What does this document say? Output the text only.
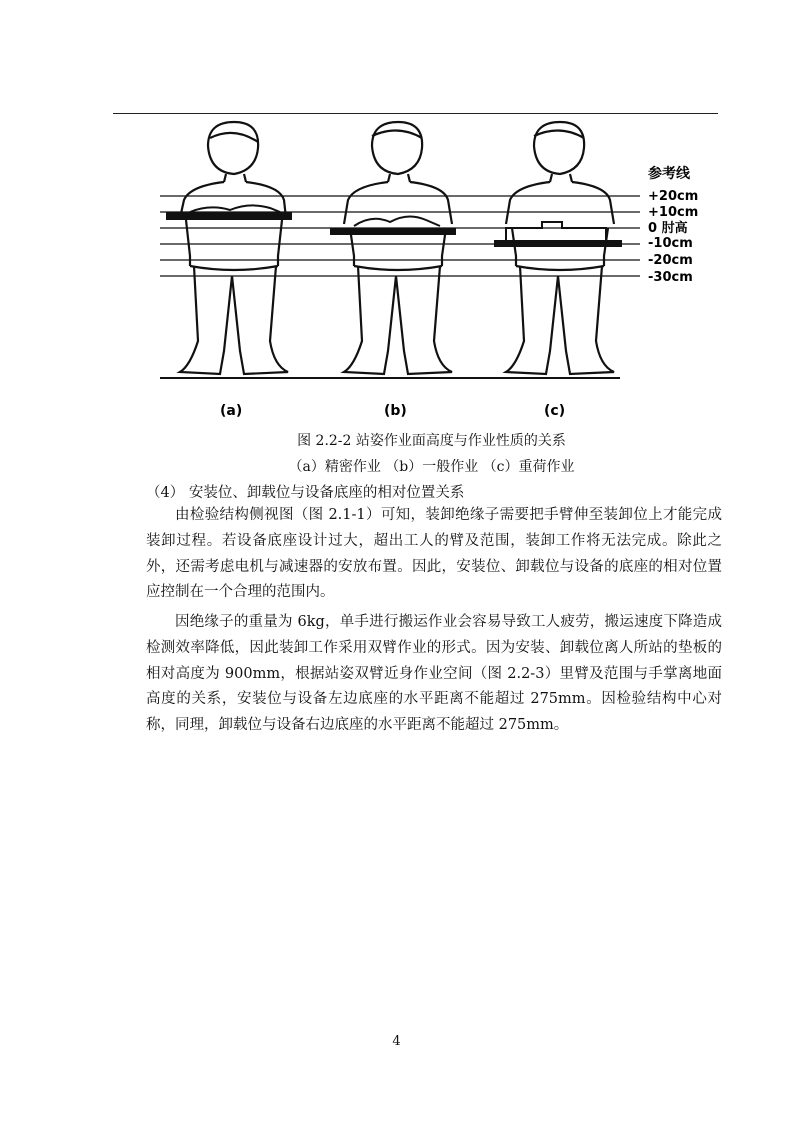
参考线
+20cm
+10cm
0 肘高
-10cm
-20cm
-30cm
(a)	(b)	(c)
图 2.2-2 站姿作业面高度与作业性质的关系
（a）精密作业 （b）一般作业 （c）重荷作业
（4） 安装位、卸载位与设备底座的相对位置关系

由检验结构侧视图（图 2.1-1）可知，装卸绝缘子需要把手臂伸至装卸位上才能完成装卸过程。若设备底座设计过大，超出工人的臂及范围，装卸工作将无法完成。除此之外，还需考虑电机与减速器的安放布置。因此，安装位、卸载位与设备的底座的相对位置应控制在一个合理的范围内。

因绝缘子的重量为 6kg，单手进行搬运作业会容易导致工人疲劳，搬运速度下降造成检测效率降低，因此装卸工作采用双臂作业的形式。因为安装、卸载位离人所站的垫板的相对高度为 900mm，根据站姿双臂近身作业空间（图 2.2-3）里臂及范围与手掌离地面高度的关系，安装位与设备左边底座的水平距离不能超过 275mm。因检验结构中心对称，同理，卸载位与设备右边底座的水平距离不能超过 275mm。

4
